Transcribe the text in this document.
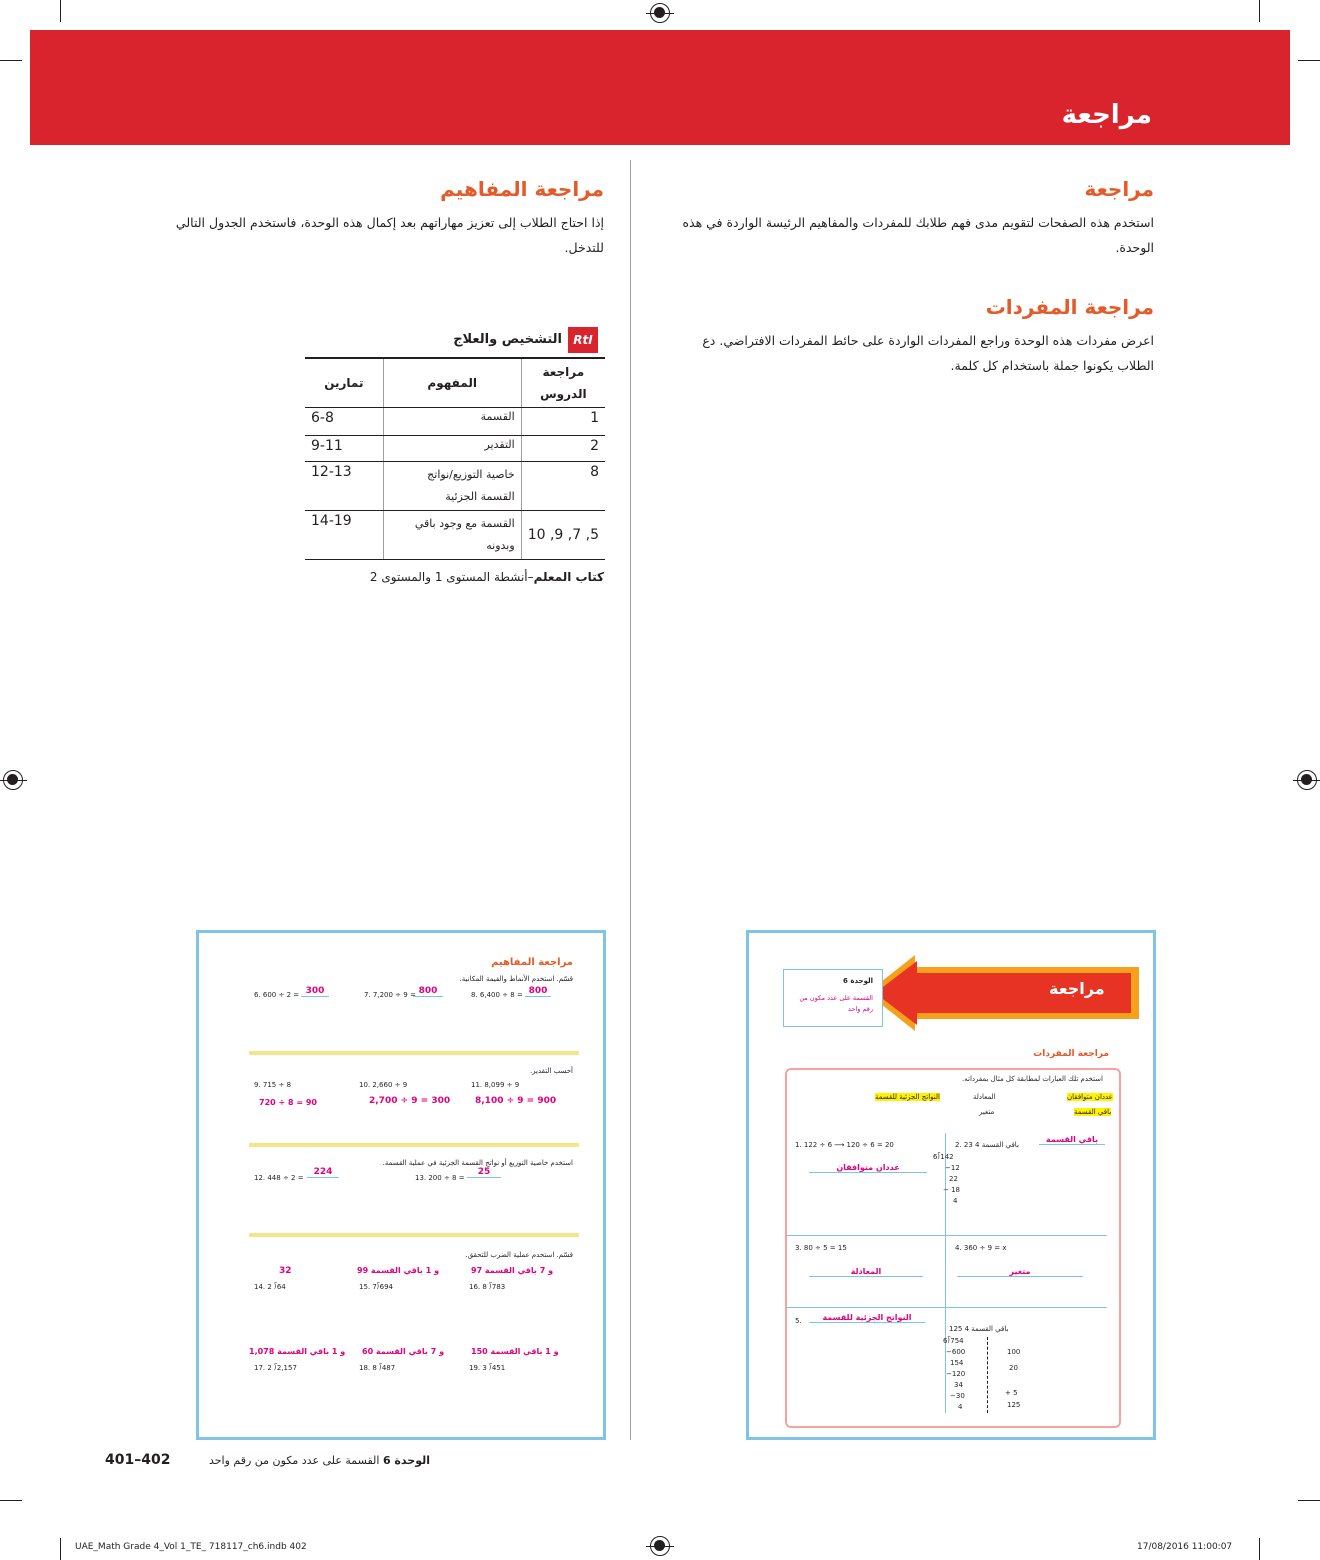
مراجعة
مراجعة
استخدم هذه الصفحات لتقويم مدى فهم طلابك للمفردات والمفاهيم الرئيسة الواردة في هذه الوحدة.
مراجعة المفردات
اعرض مفردات هذه الوحدة وراجع المفردات الواردة على حائط المفردات الافتراضي. دع الطلاب يكونوا جملة باستخدام كل كلمة.
مراجعة المفاهيم
إذا احتاج الطلاب إلى تعزيز مهاراتهم بعد إكمال هذه الوحدة، فاستخدم الجدول التالي للتدخل.
RtI
التشخيص والعلاج
مراجعة الدروس	المفهوم	تمارين
1	القسمة	6-8
2	التقدير	9-11
8	خاصية التوزيع/نواتج القسمة الجزئية	12-13
5, 7, 9, 10	القسمة مع وجود باقي وبدونه	14-19
كتاب المعلم–أنشطة المستوى 1 والمستوى 2
مراجعة المفاهيم
قسّم. استخدم الأنماط والقيمة المكانية.
6. 600 ÷ 2 = 300	7. 7,200 ÷ 9 = 800	8. 6,400 ÷ 8 = 800
أحسب التقدير.
9. 715 ÷ 8
720 ÷ 8 = 90
10. 2,660 ÷ 9
2,700 ÷ 9 = 300
11. 8,099 ÷ 9
8,100 ÷ 9 = 900
استخدم خاصية التوزيع أو نواتج القسمة الجزئية في عملية القسمة.
12. 448 ÷ 2 =
224
13. 200 ÷ 8 =
25
قسّم. استخدم عملية الضرب للتحقق.
32
14. 2 ⟌64
99 و 1 باقي القسمة
15. 7⟌694
97 و 7 باقي القسمة
16. 8 ⟌783
1,078 و 1 باقي القسمة
17. 2 ⟌2,157
60 و 7 باقي القسمة
18. 8 ⟌487
150 و 1 باقي القسمة
19. 3 ⟌451
مراجعة
الوحدة 6
القسمة على عدد مكون من رقم واحد
مراجعة المفردات
استخدم تلك العبارات لمطابقة كل مثال بمفرداته.
عددان متوافقان
المعادلة
النواتج الجزئية للقسمة
باقي القسمة
متغير
1. 122 ÷ 6 ⟶ 120 ÷ 6 = 20
عددان متوافقان
2. 23 باقي القسمة 4
باقي القسمة
6⟌142
−12
22
− 18
4
3. 80 ÷ 5 = 15
المعادلة
4. 360 ÷ 9 = x
متغير
5.	النواتج الجزئية للقسمة
125 باقي القسمة 4
6⟌754
−600
154
−120
34
−30
4
100
20
+ 5
125
401–402	الوحدة 6 القسمة على عدد مكون من رقم واحد
UAE_Math Grade 4_Vol 1_TE_ 718117_ch6.indb 402	17/08/2016 11:00:07
